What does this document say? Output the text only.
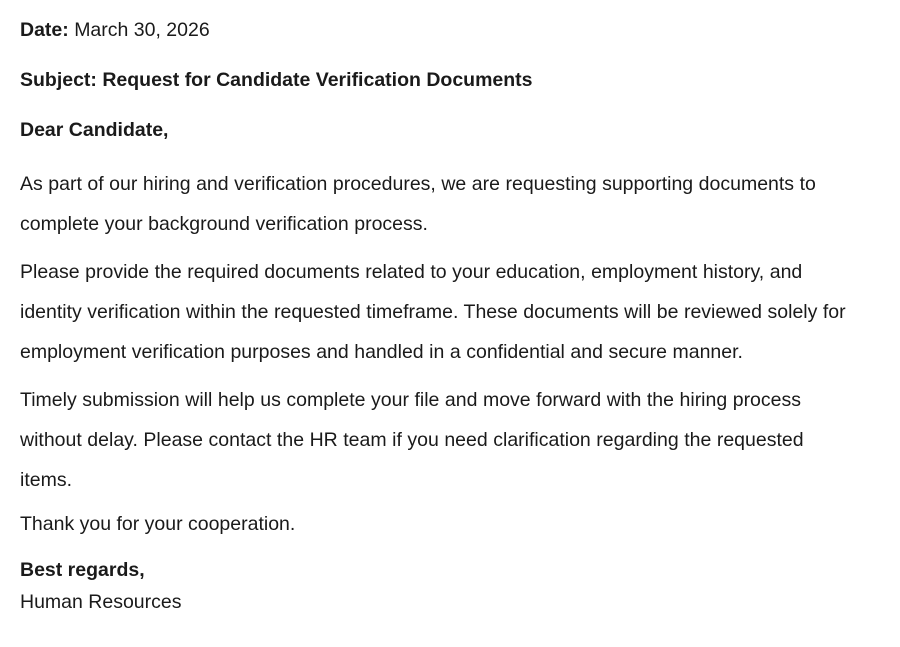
Date: March 30, 2026

Subject: Request for Candidate Verification Documents

Dear Candidate,

As part of our hiring and verification procedures, we are requesting supporting documents to complete your background verification process.

Please provide the required documents related to your education, employment history, and identity verification within the requested timeframe. These documents will be reviewed solely for employment verification purposes and handled in a confidential and secure manner.

Timely submission will help us complete your file and move forward with the hiring process without delay. Please contact the HR team if you need clarification regarding the requested items.

Thank you for your cooperation.

Best regards,

Human Resources
